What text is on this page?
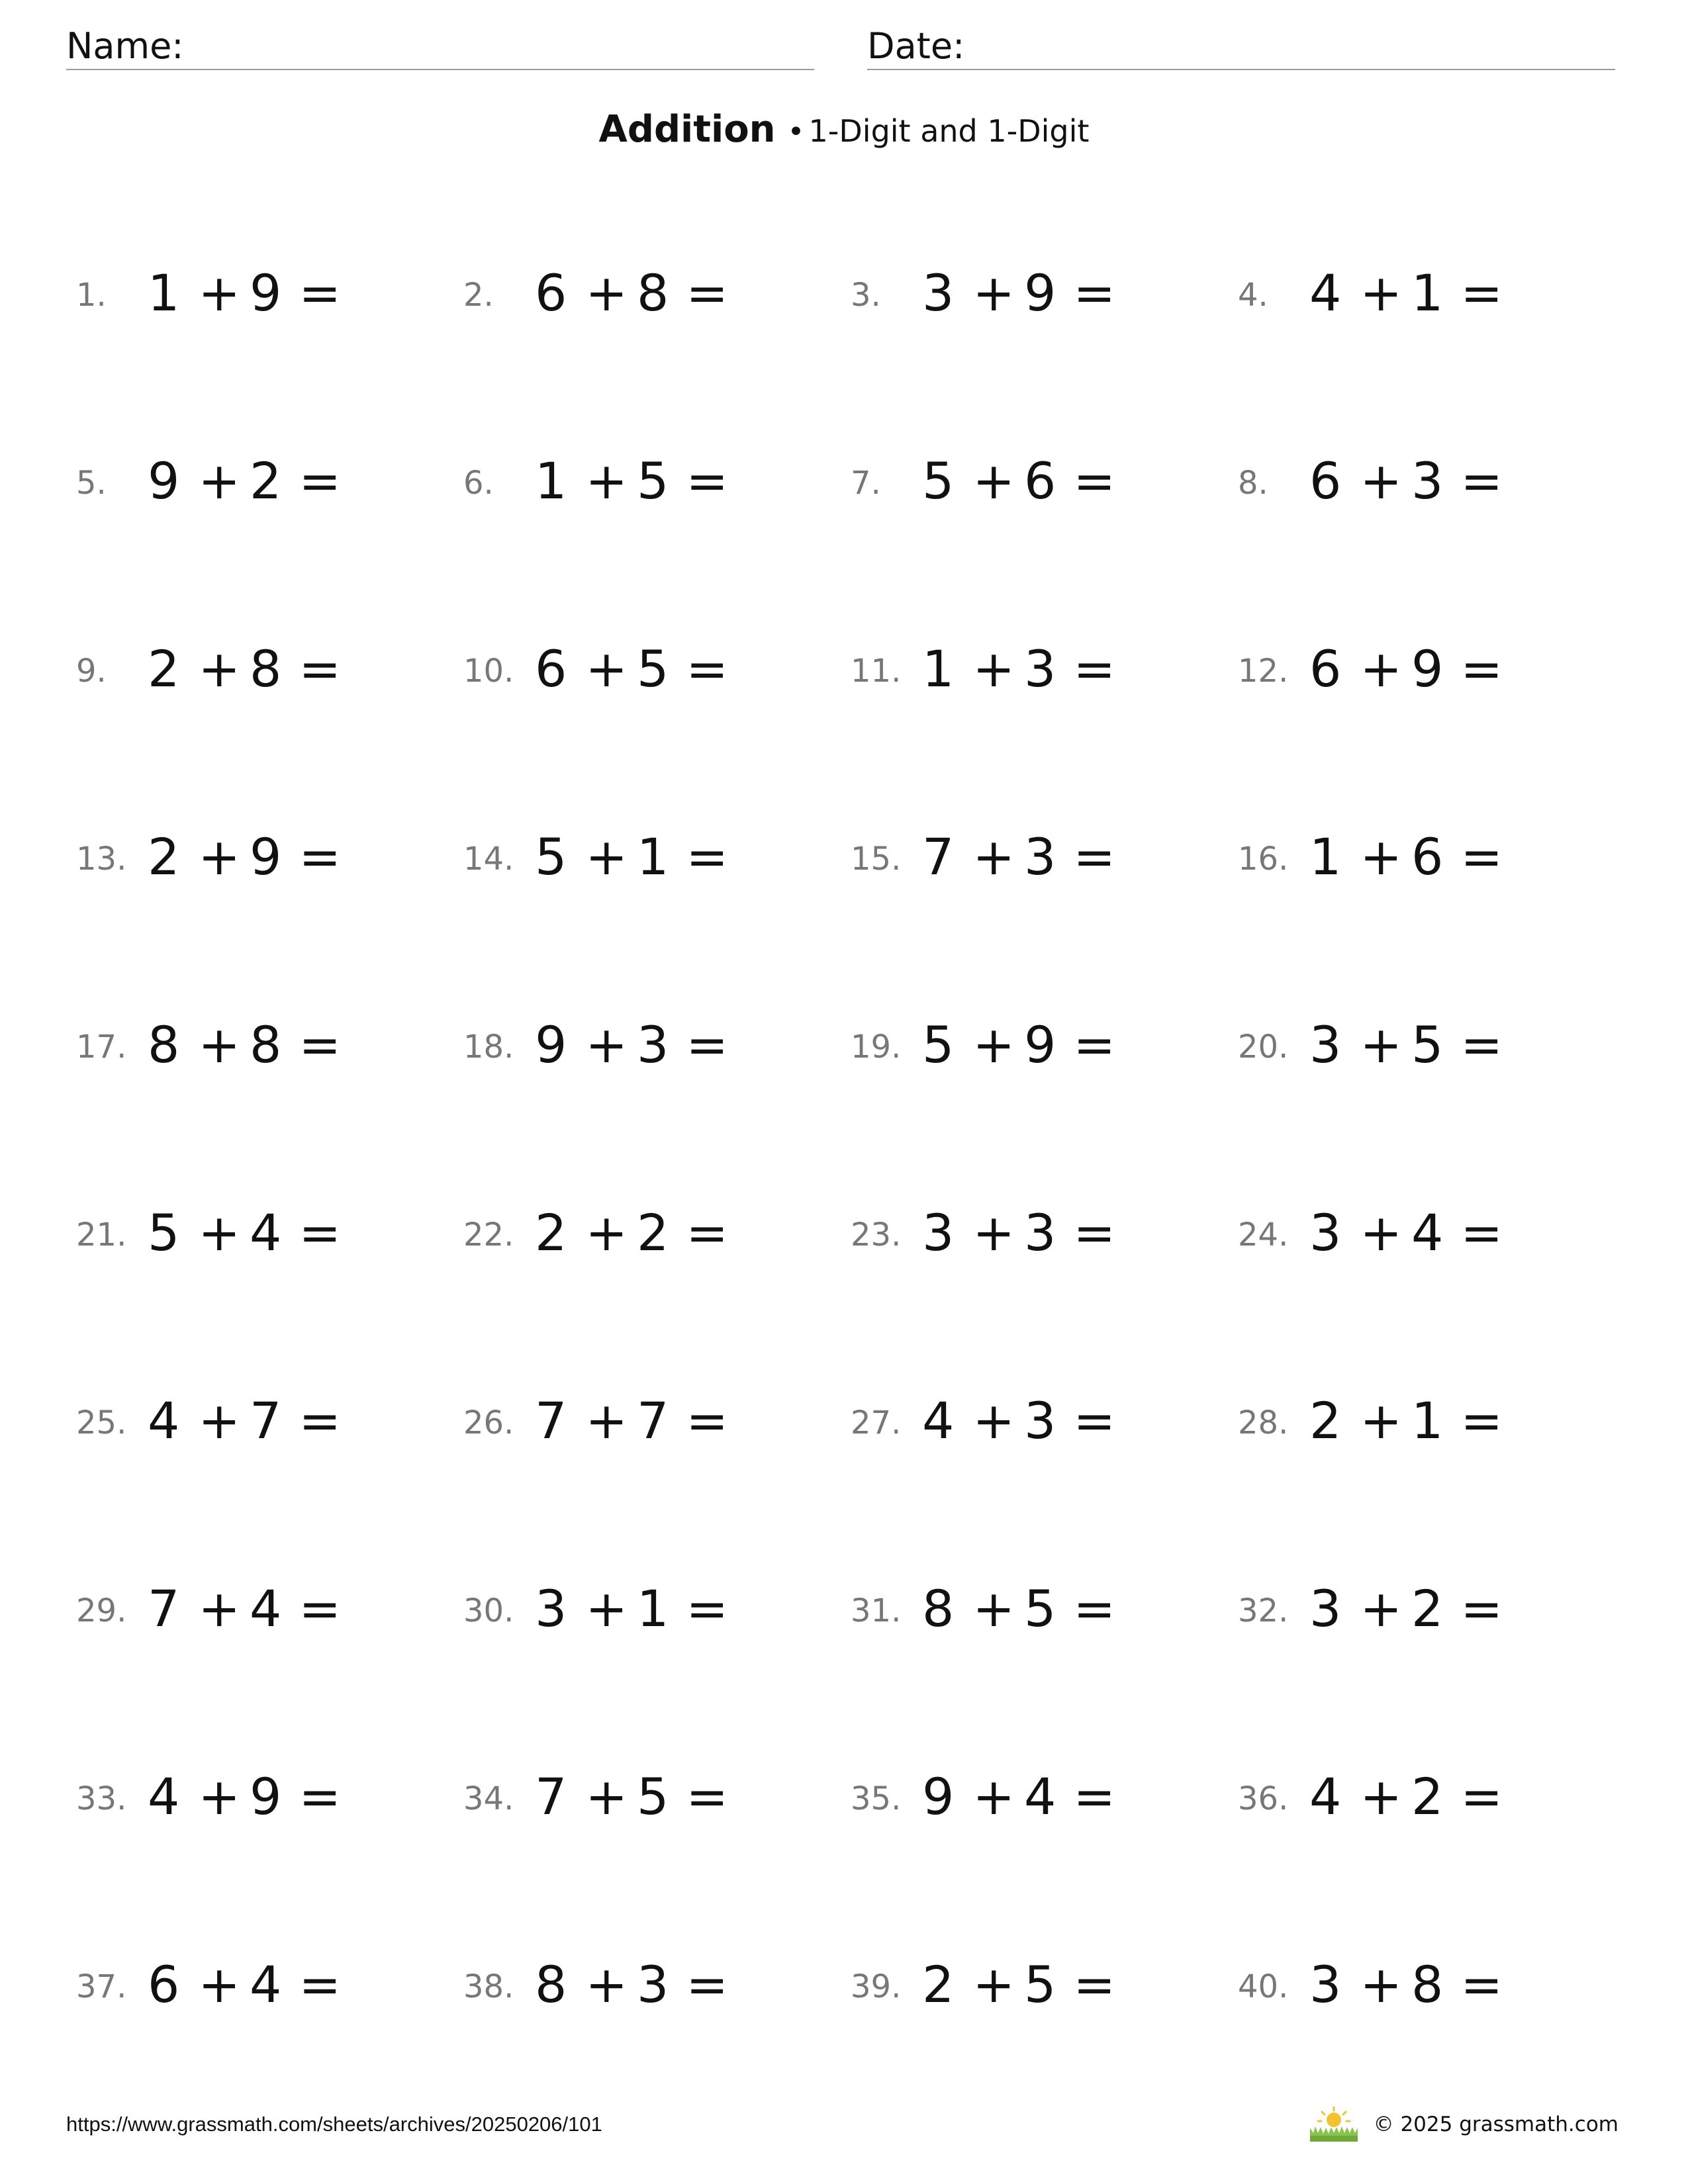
Name:	Date:
Addition • 1-Digit and 1-Digit
1. 1 + 9 =	2. 6 + 8 =	3. 3 + 9 =	4. 4 + 1 =
5. 9 + 2 =	6. 1 + 5 =	7. 5 + 6 =	8. 6 + 3 =
9. 2 + 8 =	10. 6 + 5 =	11. 1 + 3 =	12. 6 + 9 =
13. 2 + 9 =	14. 5 + 1 =	15. 7 + 3 =	16. 1 + 6 =
17. 8 + 8 =	18. 9 + 3 =	19. 5 + 9 =	20. 3 + 5 =
21. 5 + 4 =	22. 2 + 2 =	23. 3 + 3 =	24. 3 + 4 =
25. 4 + 7 =	26. 7 + 7 =	27. 4 + 3 =	28. 2 + 1 =
29. 7 + 4 =	30. 3 + 1 =	31. 8 + 5 =	32. 3 + 2 =
33. 4 + 9 =	34. 7 + 5 =	35. 9 + 4 =	36. 4 + 2 =
37. 6 + 4 =	38. 8 + 3 =	39. 2 + 5 =	40. 3 + 8 =
https://www.grassmath.com/sheets/archives/20250206/101	© 2025 grassmath.com
